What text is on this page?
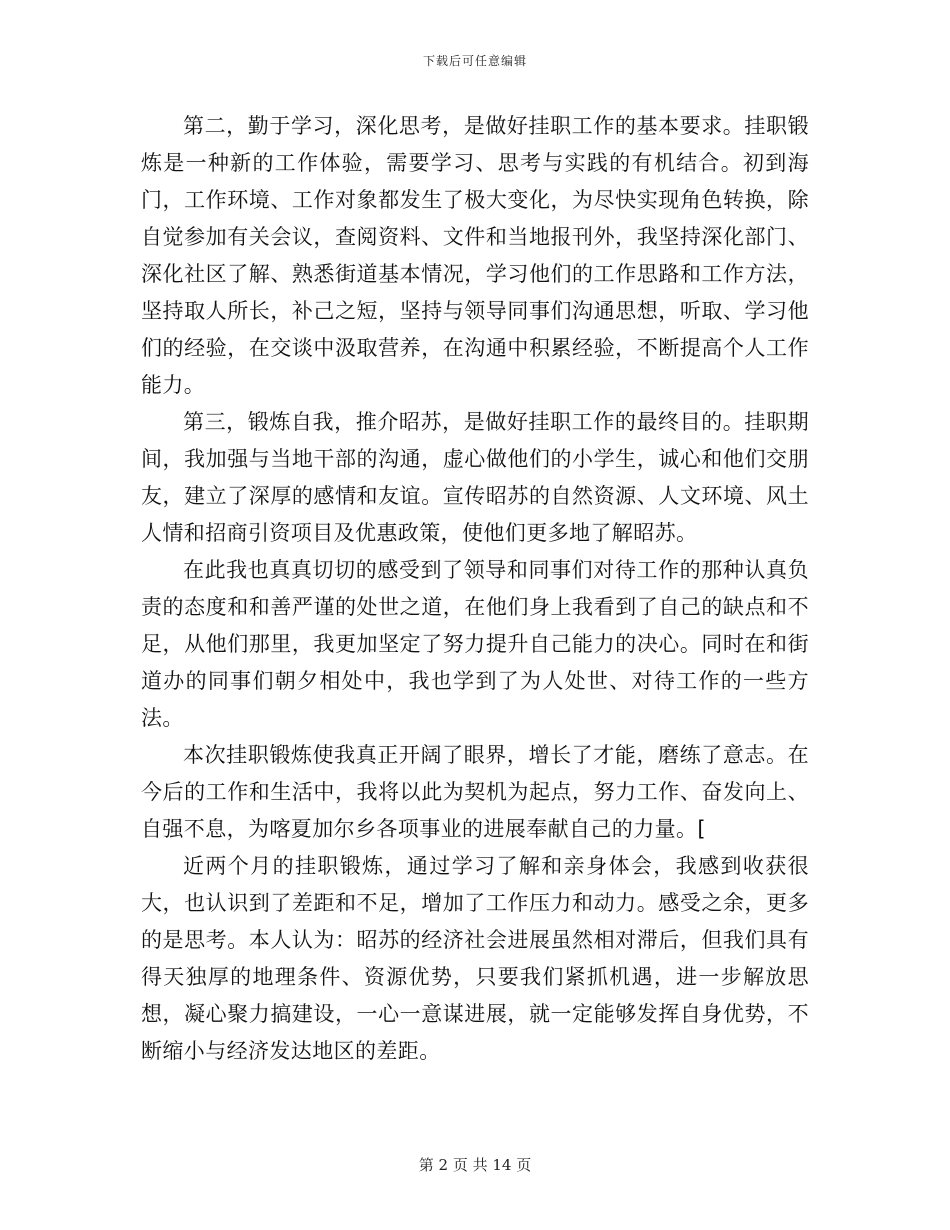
下载后可任意编辑

第二，勤于学习，深化思考，是做好挂职工作的基本要求。挂职锻炼是一种新的工作体验，需要学习、思考与实践的有机结合。初到海门，工作环境、工作对象都发生了极大变化，为尽快实现角色转换，除自觉参加有关会议，查阅资料、文件和当地报刊外，我坚持深化部门、深化社区了解、熟悉街道基本情况，学习他们的工作思路和工作方法，坚持取人所长，补己之短，坚持与领导同事们沟通思想，听取、学习他们的经验，在交谈中汲取营养，在沟通中积累经验，不断提高个人工作能力。

第三，锻炼自我，推介昭苏，是做好挂职工作的最终目的。挂职期间，我加强与当地干部的沟通，虚心做他们的小学生，诚心和他们交朋友，建立了深厚的感情和友谊。宣传昭苏的自然资源、人文环境、风土人情和招商引资项目及优惠政策，使他们更多地了解昭苏。

在此我也真真切切的感受到了领导和同事们对待工作的那种认真负责的态度和和善严谨的处世之道，在他们身上我看到了自己的缺点和不足，从他们那里，我更加坚定了努力提升自己能力的决心。同时在和街道办的同事们朝夕相处中，我也学到了为人处世、对待工作的一些方法。

本次挂职锻炼使我真正开阔了眼界，增长了才能，磨练了意志。在今后的工作和生活中，我将以此为契机为起点，努力工作、奋发向上、自强不息，为喀夏加尔乡各项事业的进展奉献自己的力量。[

近两个月的挂职锻炼，通过学习了解和亲身体会，我感到收获很大，也认识到了差距和不足，增加了工作压力和动力。感受之余，更多的是思考。本人认为：昭苏的经济社会进展虽然相对滞后，但我们具有得天独厚的地理条件、资源优势，只要我们紧抓机遇，进一步解放思想，凝心聚力搞建设，一心一意谋进展，就一定能够发挥自身优势，不断缩小与经济发达地区的差距。

第 2 页 共 14 页
